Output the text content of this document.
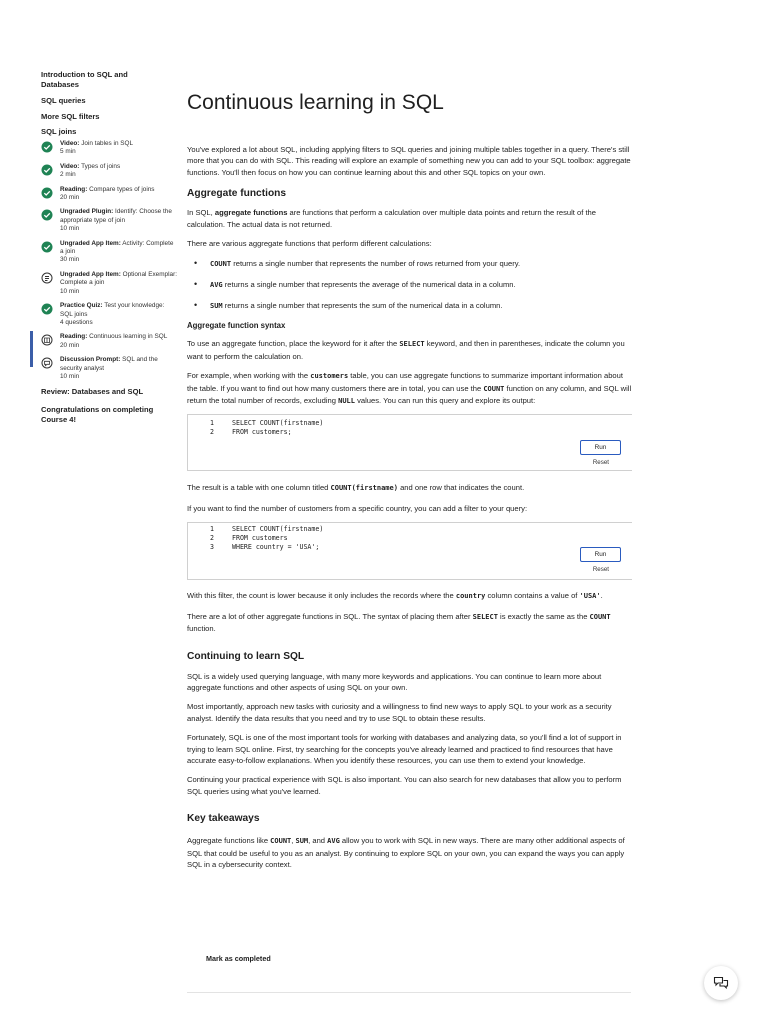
Introduction to SQL and Databases
SQL queries
More SQL filters
SQL joins
Video: Join tables in SQL
5 min
Video: Types of joins
2 min
Reading: Compare types of joins
20 min
Ungraded Plugin: Identify: Choose the appropriate type of join
10 min
Ungraded App Item: Activity: Complete a join
30 min
Ungraded App Item: Optional Exemplar: Complete a join
10 min
Practice Quiz: Test your knowledge: SQL joins
4 questions
Reading: Continuous learning in SQL
20 min
Discussion Prompt: SQL and the security analyst
10 min
Review: Databases and SQL
Congratulations on completing Course 4!
Continuous learning in SQL

You've explored a lot about SQL, including applying filters to SQL queries and joining multiple tables together in a query. There's still more that you can do with SQL. This reading will explore an example of something new you can add to your SQL toolbox: aggregate functions. You'll then focus on how you can continue learning about this and other SQL topics on your own.

Aggregate functions

In SQL, aggregate functions are functions that perform a calculation over multiple data points and return the result of the calculation. The actual data is not returned.

There are various aggregate functions that perform different calculations:

• COUNT returns a single number that represents the number of rows returned from your query.
• AVG returns a single number that represents the average of the numerical data in a column.
• SUM returns a single number that represents the sum of the numerical data in a column.
Aggregate function syntax

To use an aggregate function, place the keyword for it after the SELECT keyword, and then in parentheses, indicate the column you want to perform the calculation on.

For example, when working with the customers table, you can use aggregate functions to summarize important information about the table. If you want to find out how many customers there are in total, you can use the COUNT function on any column, and SQL will return the total number of records, excluding NULL values. You can run this query and explore its output:

1	SELECT COUNT(firstname)
2	FROM customers;
Run
Reset

The result is a table with one column titled COUNT(firstname) and one row that indicates the count.

If you want to find the number of customers from a specific country, you can add a filter to your query:

1	SELECT COUNT(firstname)
2	FROM customers
3	WHERE country = 'USA';
Run
Reset

With this filter, the count is lower because it only includes the records where the country column contains a value of 'USA'.

There are a lot of other aggregate functions in SQL. The syntax of placing them after SELECT is exactly the same as the COUNT function.

Continuing to learn SQL

SQL is a widely used querying language, with many more keywords and applications. You can continue to learn more about aggregate functions and other aspects of using SQL on your own.

Most importantly, approach new tasks with curiosity and a willingness to find new ways to apply SQL to your work as a security analyst. Identify the data results that you need and try to use SQL to obtain these results.

Fortunately, SQL is one of the most important tools for working with databases and analyzing data, so you'll find a lot of support in trying to learn SQL online. First, try searching for the concepts you've already learned and practiced to find resources that have accurate easy-to-follow explanations. When you identify these resources, you can use them to extend your knowledge.

Continuing your practical experience with SQL is also important. You can also search for new databases that allow you to perform SQL queries using what you've learned.

Key takeaways

Aggregate functions like COUNT, SUM, and AVG allow you to work with SQL in new ways. There are many other additional aspects of SQL that could be useful to you as an analyst. By continuing to explore SQL on your own, you can expand the ways you can apply SQL in a cybersecurity context.

Mark as completed
